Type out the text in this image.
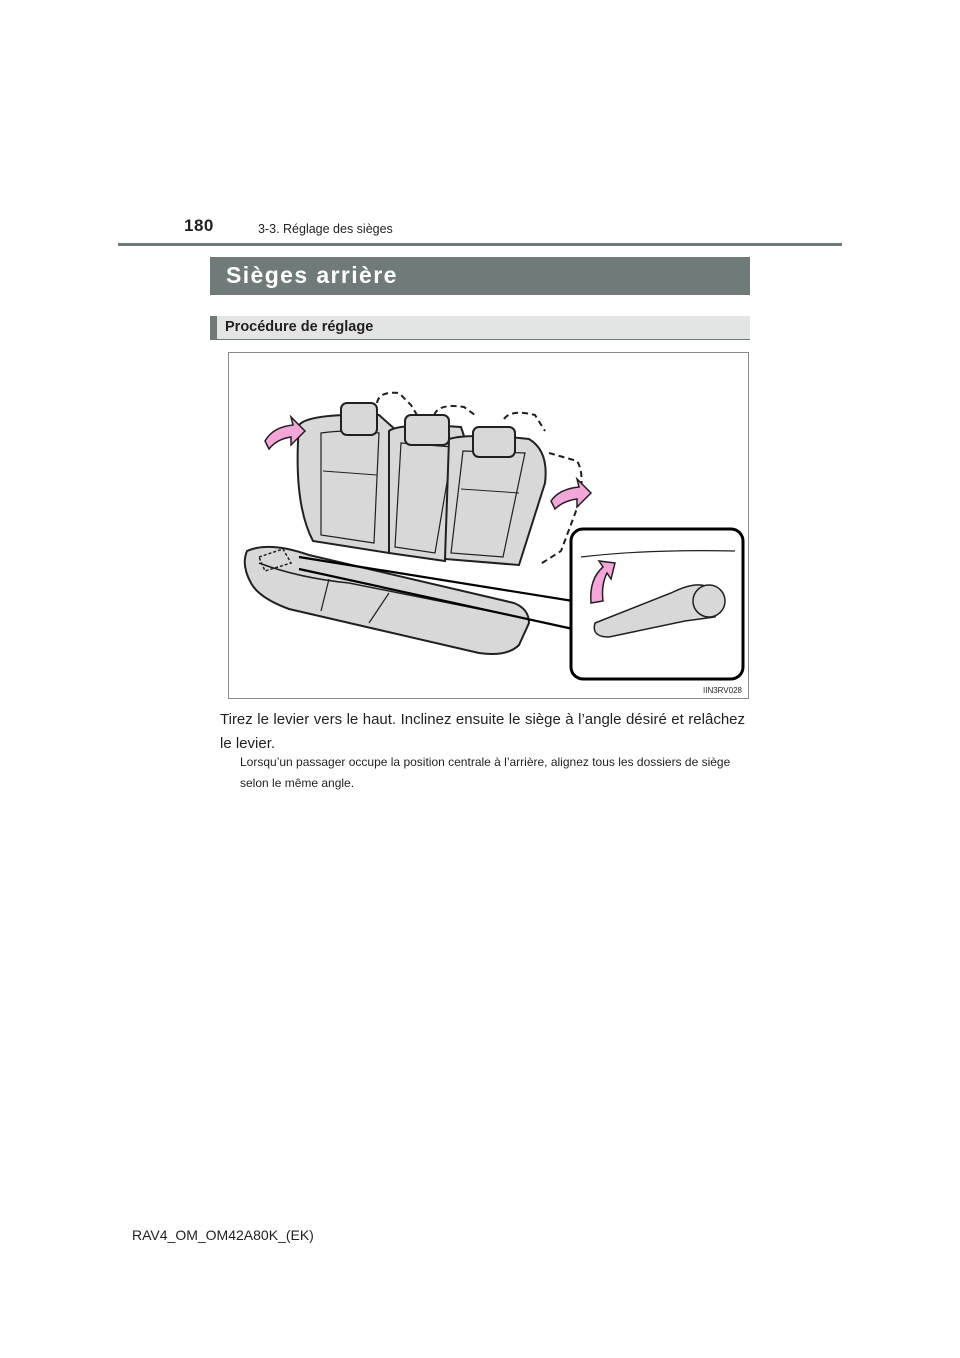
180	3-3. Réglage des sièges
Sièges arrière
Procédure de réglage
IIN3RV028

Tirez le levier vers le haut. Inclinez ensuite le siège à l’angle désiré et relâchez le levier.

Lorsqu’un passager occupe la position centrale à l’arrière, alignez tous les dossiers de siège selon le même angle.

RAV4_OM_OM42A80K_(EK)
